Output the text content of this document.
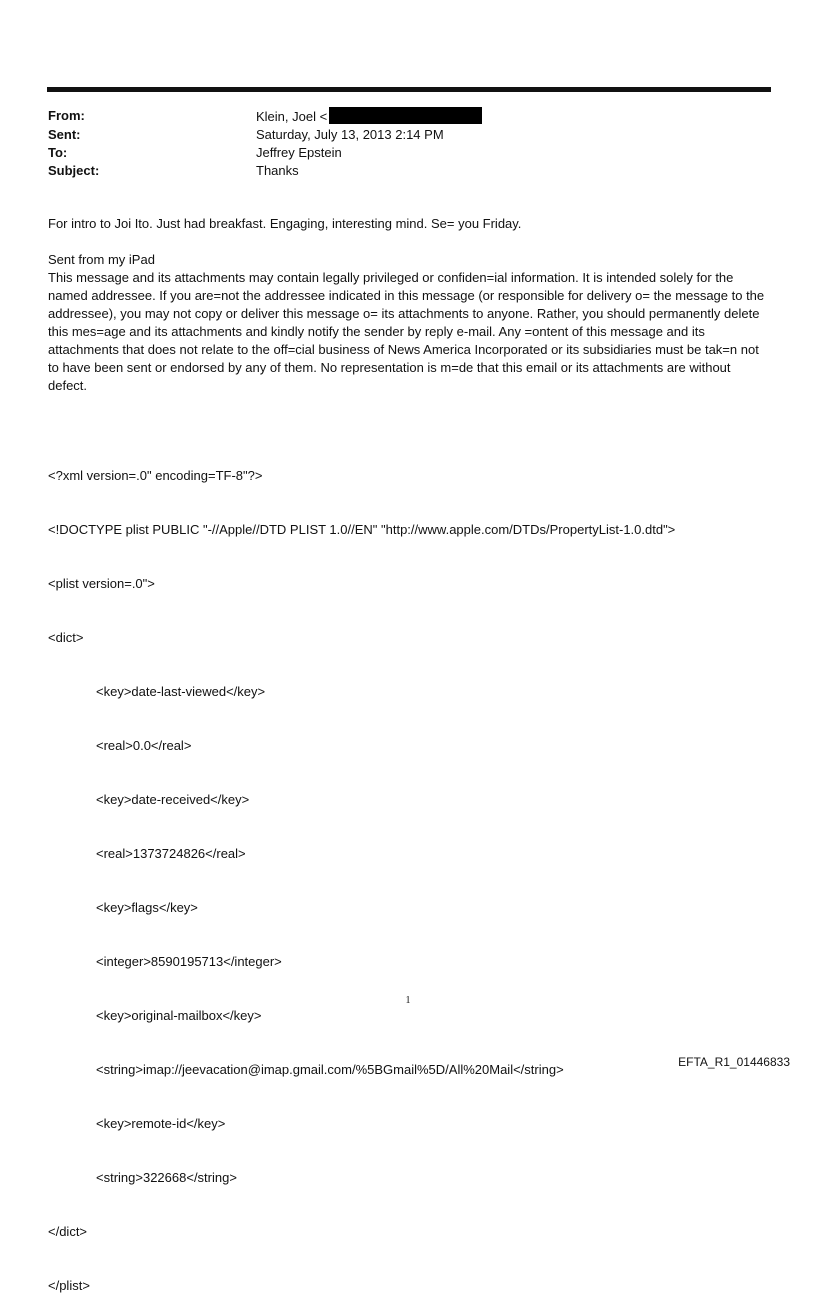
From:	Klein, Joel <
Sent:	Saturday, July 13, 2013 2:14 PM
To:	Jeffrey Epstein
Subject:	Thanks
For intro to Joi Ito. Just had breakfast. Engaging, interesting mind. Se= you Friday.
Sent from my iPad
This message and its attachments may contain legally privileged or confiden=ial information. It is intended solely for the named addressee. If you are=not the addressee indicated in this message (or responsible for delivery o= the message to the addressee), you may not copy or deliver this message o= its attachments to anyone. Rather, you should permanently delete this mes=age and its attachments and kindly notify the sender by reply e-mail. Any =ontent of this message and its attachments that does not relate to the off=cial business of News America Incorporated or its subsidiaries must be tak=n not to have been sent or endorsed by any of them. No representation is m=de that this email or its attachments are without defect.

<?xml version=.0" encoding=TF-8"?>

<!DOCTYPE plist PUBLIC "-//Apple//DTD PLIST 1.0//EN" "http://www.apple.com/DTDs/PropertyList-1.0.dtd">

<plist version=.0">

<dict>

<key>date-last-viewed</key>

<real>0.0</real>

<key>date-received</key>

<real>1373724826</real>

<key>flags</key>

<integer>8590195713</integer>

<key>original-mailbox</key>

<string>imap://jeevacation@imap.gmail.com/%5BGmail%5D/All%20Mail</string>

<key>remote-id</key>

<string>322668</string>

</dict>

</plist>

1
EFTA_R1_01446833
